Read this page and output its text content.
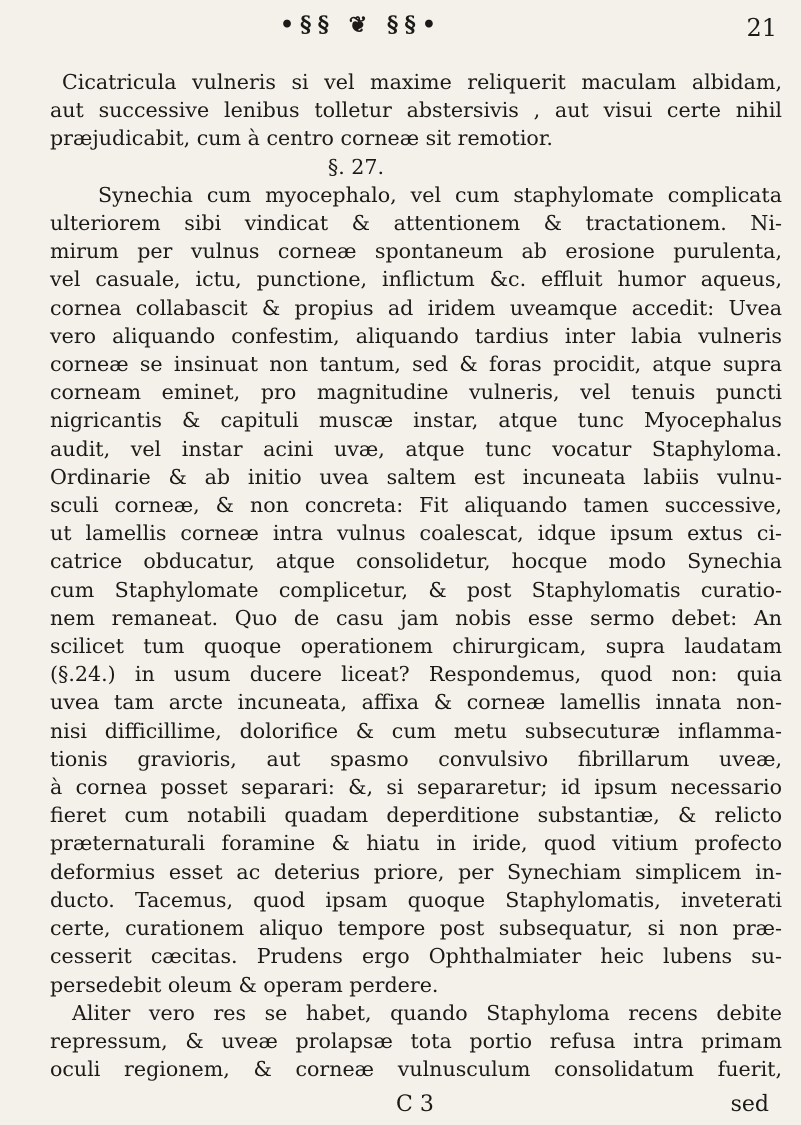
•§§ ❦ §§•	21
Cicatricula vulneris si vel maxime reliquerit maculam albidam,
aut successive lenibus tolletur abstersivis , aut visui certe nihil
præjudicabit, cum à centro corneæ sit remotior.
§. 27.
Synechia cum myocephalo, vel cum staphylomate complicata
ulteriorem sibi vindicat & attentionem & tractationem. Ni-
mirum per vulnus corneæ spontaneum ab erosione purulenta,
vel casuale, ictu, punctione, inflictum &c. effluit humor aqueus,
cornea collabascit & propius ad iridem uveamque accedit: Uvea
vero aliquando confestim, aliquando tardius inter labia vulneris
corneæ se insinuat non tantum, sed & foras procidit, atque supra
corneam eminet, pro magnitudine vulneris, vel tenuis puncti
nigricantis & capituli muscæ instar, atque tunc Myocephalus
audit, vel instar acini uvæ, atque tunc vocatur Staphyloma.
Ordinarie & ab initio uvea saltem est incuneata labiis vulnu-
sculi corneæ, & non concreta: Fit aliquando tamen successive,
ut lamellis corneæ intra vulnus coalescat, idque ipsum extus ci-
catrice obducatur, atque consolidetur, hocque modo Synechia
cum Staphylomate complicetur, & post Staphylomatis curatio-
nem remaneat. Quo de casu jam nobis esse sermo debet: An
scilicet tum quoque operationem chirurgicam, supra laudatam
(§.24.) in usum ducere liceat? Respondemus, quod non: quia
uvea tam arcte incuneata, affixa & corneæ lamellis innata non-
nisi difficillime, dolorifice & cum metu subsecuturæ inflamma-
tionis gravioris, aut spasmo convulsivo fibrillarum uveæ,
à cornea posset separari: &, si separaretur; id ipsum necessario
fieret cum notabili quadam deperditione substantiæ, & relicto
præternaturali foramine & hiatu in iride, quod vitium profecto
deformius esset ac deterius priore, per Synechiam simplicem in-
ducto. Tacemus, quod ipsam quoque Staphylomatis, inveterati
certe, curationem aliquo tempore post subsequatur, si non præ-
cesserit cæcitas. Prudens ergo Ophthalmiater heic lubens su-
persedebit oleum & operam perdere.
Aliter vero res se habet, quando Staphyloma recens debite
repressum, & uveæ prolapsæ tota portio refusa intra primam
oculi regionem, & corneæ vulnusculum consolidatum fuerit,
C 3	sed
